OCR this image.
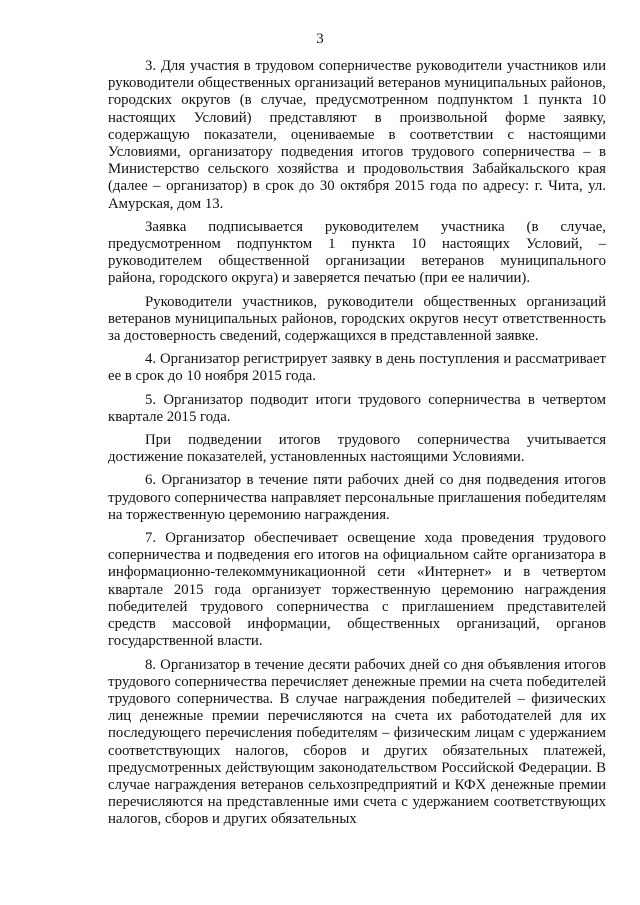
3

3. Для участия в трудовом соперничестве руководители участников или руководители общественных организаций ветеранов муниципальных районов, городских округов (в случае, предусмотренном подпунктом 1 пункта 10 настоящих Условий) представляют в произвольной форме заявку, содержащую показатели, оцениваемые в соответствии с настоящими Условиями, организатору подведения итогов трудового соперничества – в Министерство сельского хозяйства и продовольствия Забайкальского края (далее – организатор) в срок до 30 октября 2015 года по адресу: г. Чита, ул. Амурская, дом 13.

Заявка подписывается руководителем участника (в случае, предусмотренном подпунктом 1 пункта 10 настоящих Условий, – руководителем общественной организации ветеранов муниципального района, городского округа) и заверяется печатью (при ее наличии).

Руководители участников, руководители общественных организаций ветеранов муниципальных районов, городских округов несут ответственность за достоверность сведений, содержащихся в представленной заявке.

4. Организатор регистрирует заявку в день поступления и рассматривает ее в срок до 10 ноября 2015 года.

5. Организатор подводит итоги трудового соперничества в четвертом квартале 2015 года.

При подведении итогов трудового соперничества учитывается достижение показателей, установленных настоящими Условиями.

6. Организатор в течение пяти рабочих дней со дня подведения итогов трудового соперничества направляет персональные приглашения победителям на торжественную церемонию награждения.

7. Организатор обеспечивает освещение хода проведения трудового соперничества и подведения его итогов на официальном сайте организатора в информационно-телекоммуникационной сети «Интернет» и в четвертом квартале 2015 года организует торжественную церемонию награждения победителей трудового соперничества с приглашением представителей средств массовой информации, общественных организаций, органов государственной власти.

8. Организатор в течение десяти рабочих дней со дня объявления итогов трудового соперничества перечисляет денежные премии на счета победителей трудового соперничества. В случае награждения победителей – физических лиц денежные премии перечисляются на счета их работодателей для их последующего перечисления победителям – физическим лицам с удержанием соответствующих налогов, сборов и других обязательных платежей, предусмотренных действующим законодательством Российской Федерации. В случае награждения ветеранов сельхозпредприятий и КФХ денежные премии перечисляются на представленные ими счета с удержанием соответствующих налогов, сборов и других обязательных
